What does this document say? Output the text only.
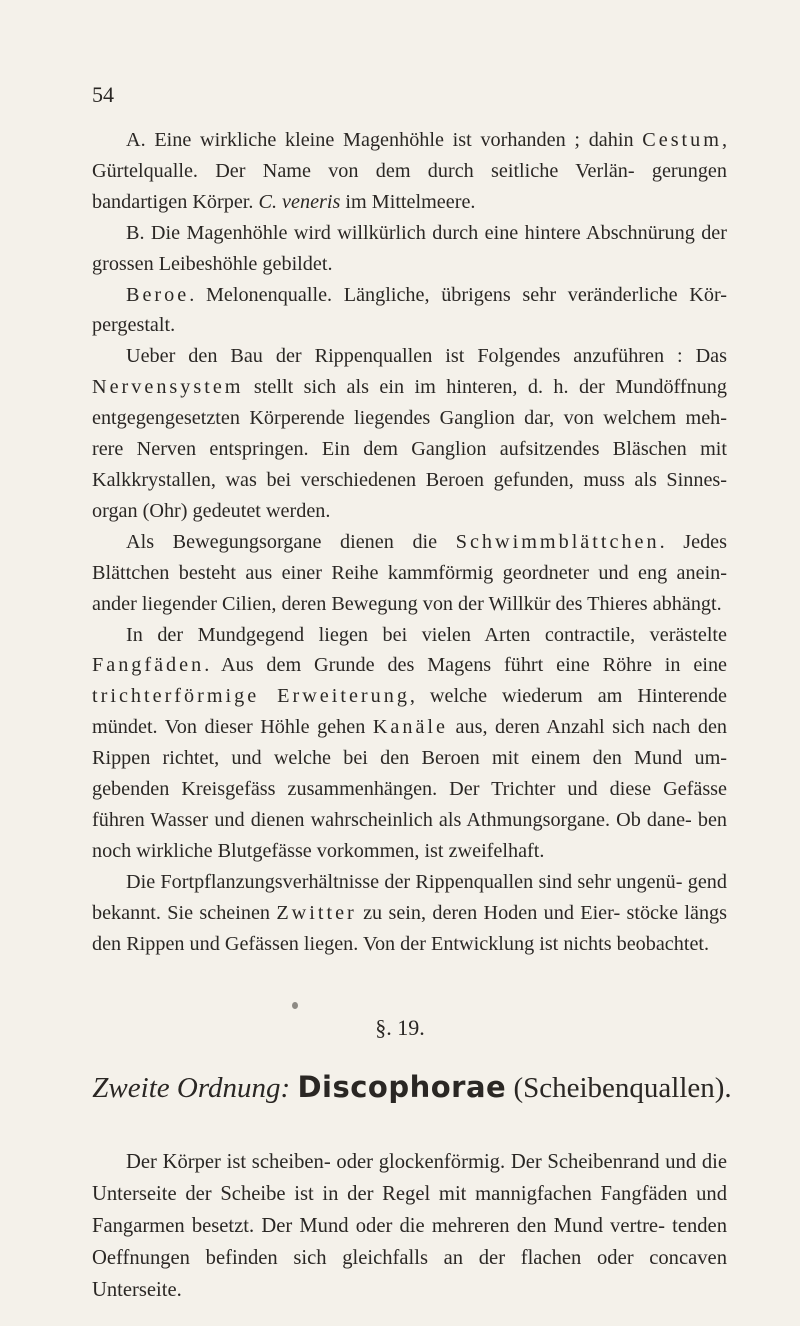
54

A. Eine wirkliche kleine Magenhöhle ist vorhanden ; dahin Cestum, Gürtelqualle. Der Name von dem durch seitliche Verlän- gerungen bandartigen Körper. C. veneris im Mittelmeere.

B. Die Magenhöhle wird willkürlich durch eine hintere Abschnürung der grossen Leibeshöhle gebildet.

Beroe. Melonenqualle. Längliche, übrigens sehr veränderliche Kör- pergestalt.

Ueber den Bau der Rippenquallen ist Folgendes anzuführen : Das Nervensystem stellt sich als ein im hinteren, d. h. der Mundöffnung entgegengesetzten Körperende liegendes Ganglion dar, von welchem meh- rere Nerven entspringen. Ein dem Ganglion aufsitzendes Bläschen mit Kalkkrystallen, was bei verschiedenen Beroen gefunden, muss als Sinnes- organ (Ohr) gedeutet werden.

Als Bewegungsorgane dienen die Schwimmblättchen. Jedes Blättchen besteht aus einer Reihe kammförmig geordneter und eng anein- ander liegender Cilien, deren Bewegung von der Willkür des Thieres abhängt.

In der Mundgegend liegen bei vielen Arten contractile, verästelte Fangfäden. Aus dem Grunde des Magens führt eine Röhre in eine trichterförmige Erweiterung, welche wiederum am Hinterende mündet. Von dieser Höhle gehen Kanäle aus, deren Anzahl sich nach den Rippen richtet, und welche bei den Beroen mit einem den Mund um- gebenden Kreisgefäss zusammenhängen. Der Trichter und diese Gefässe führen Wasser und dienen wahrscheinlich als Athmungsorgane. Ob dane- ben noch wirkliche Blutgefässe vorkommen, ist zweifelhaft.

Die Fortpflanzungsverhältnisse der Rippenquallen sind sehr ungenü- gend bekannt. Sie scheinen Zwitter zu sein, deren Hoden und Eier- stöcke längs den Rippen und Gefässen liegen. Von der Entwicklung ist nichts beobachtet.

§. 19.
Zweite Ordnung: Discophorae (Scheibenquallen).

Der Körper ist scheiben- oder glockenförmig. Der Scheibenrand und die Unterseite der Scheibe ist in der Regel mit mannigfachen Fangfäden und Fangarmen besetzt. Der Mund oder die mehreren den Mund vertre- tenden Oeffnungen befinden sich gleichfalls an der flachen oder concaven Unterseite.
